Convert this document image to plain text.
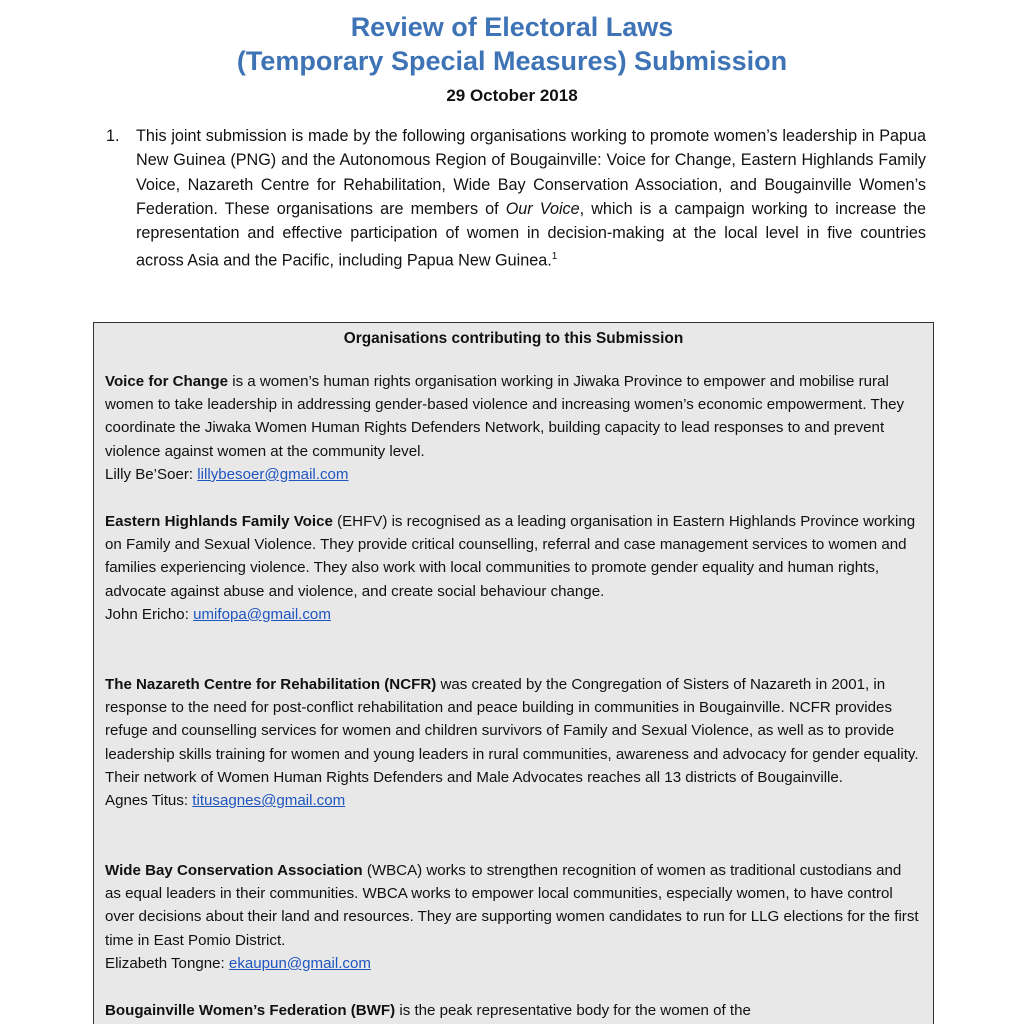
Review of Electoral Laws
(Temporary Special Measures) Submission
29 October 2018
1. This joint submission is made by the following organisations working to promote women’s leadership in Papua New Guinea (PNG) and the Autonomous Region of Bougainville: Voice for Change, Eastern Highlands Family Voice, Nazareth Centre for Rehabilitation, Wide Bay Conservation Association, and Bougainville Women’s Federation. These organisations are members of Our Voice, which is a campaign working to increase the representation and effective participation of women in decision-making at the local level in five countries across Asia and the Pacific, including Papua New Guinea.$^1$

Organisations contributing to this Submission
Voice for Change is a women’s human rights organisation working in Jiwaka Province to empower and mobilise rural women to take leadership in addressing gender-based violence and increasing women’s economic empowerment. They coordinate the Jiwaka Women Human Rights Defenders Network, building capacity to lead responses to and prevent violence against women at the community level.
Lilly Be’Soer: lillybesoer@gmail.com
Eastern Highlands Family Voice (EHFV) is recognised as a leading organisation in Eastern Highlands Province working on Family and Sexual Violence. They provide critical counselling, referral and case management services to women and families experiencing violence. They also work with local communities to promote gender equality and human rights, advocate against abuse and violence, and create social behaviour change.
John Ericho: umifopa@gmail.com
The Nazareth Centre for Rehabilitation (NCFR) was created by the Congregation of Sisters of Nazareth in 2001, in response to the need for post-conflict rehabilitation and peace building in communities in Bougainville. NCFR provides refuge and counselling services for women and children survivors of Family and Sexual Violence, as well as to provide leadership skills training for women and young leaders in rural communities, awareness and advocacy for gender equality. Their network of Women Human Rights Defenders and Male Advocates reaches all 13 districts of Bougainville.
Agnes Titus: titusagnes@gmail.com
Wide Bay Conservation Association (WBCA) works to strengthen recognition of women as traditional custodians and as equal leaders in their communities. WBCA works to empower local communities, especially women, to have control over decisions about their land and resources. They are supporting women candidates to run for LLG elections for the first time in East Pomio District.
Elizabeth Tongne: ekaupun@gmail.com
Bougainville Women’s Federation (BWF) is the peak representative body for the women of the
